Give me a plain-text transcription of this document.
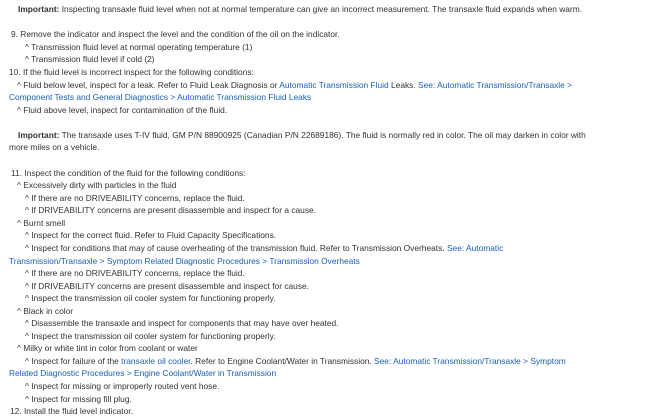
Important: Inspecting transaxle fluid level when not at normal temperature can give an incorrect measurement. The transaxle fluid expands when warm.
9. Remove the indicator and inspect the level and the condition of the oil on the indicator.
^ Transmission fluid level at normal operating temperature (1)
^ Transmission fluid level if cold (2)
10. If the fluid level is incorrect inspect for the following conditions:
^ Fluid below level, inspect for a leak. Refer to Fluid Leak Diagnosis or Automatic Transmission Fluid Leaks. See: Automatic Transmission/Transaxle >
Component Tests and General Diagnostics > Automatic Transmission Fluid Leaks
^ Fluid above level, inspect for contamination of the fluid.
Important: The transaxle uses T-IV fluid, GM P/N 88900925 (Canadian P/N 22689186). The fluid is normally red in color. The oil may darken in color with
more miles on a vehicle.
11. Inspect the condition of the fluid for the following conditions:
^ Excessively dirty with particles in the fluid
^ If there are no DRIVEABILITY concerns, replace the fluid.
^ If DRIVEABILITY concerns are present disassemble and inspect for a cause.
^ Burnt smell
^ Inspect for the correct fluid. Refer to Fluid Capacity Specifications.
^ Inspect for conditions that may of cause overheating of the transmission fluid. Refer to Transmission Overheats. See: Automatic
Transmission/Transaxle > Symptom Related Diagnostic Procedures > Transmission Overheats
^ If there are no DRIVEABILITY concerns, replace the fluid.
^ If DRIVEABILITY concerns are present disassemble and inspect for cause.
^ Inspect the transmission oil cooler system for functioning properly.
^ Black in color
^ Disassemble the transaxle and inspect for components that may have over heated.
^ Inspect the transmission oil cooler system for functioning properly.
^ Milky or white tint in color from coolant or water
^ Inspect for failure of the transaxle oil cooler. Refer to Engine Coolant/Water in Transmission. See: Automatic Transmission/Transaxle > Symptom
Related Diagnostic Procedures > Engine Coolant/Water in Transmission
^ Inspect for missing or improperly routed vent hose.
^ Inspect for missing fill plug.
12. Install the fluid level indicator.
